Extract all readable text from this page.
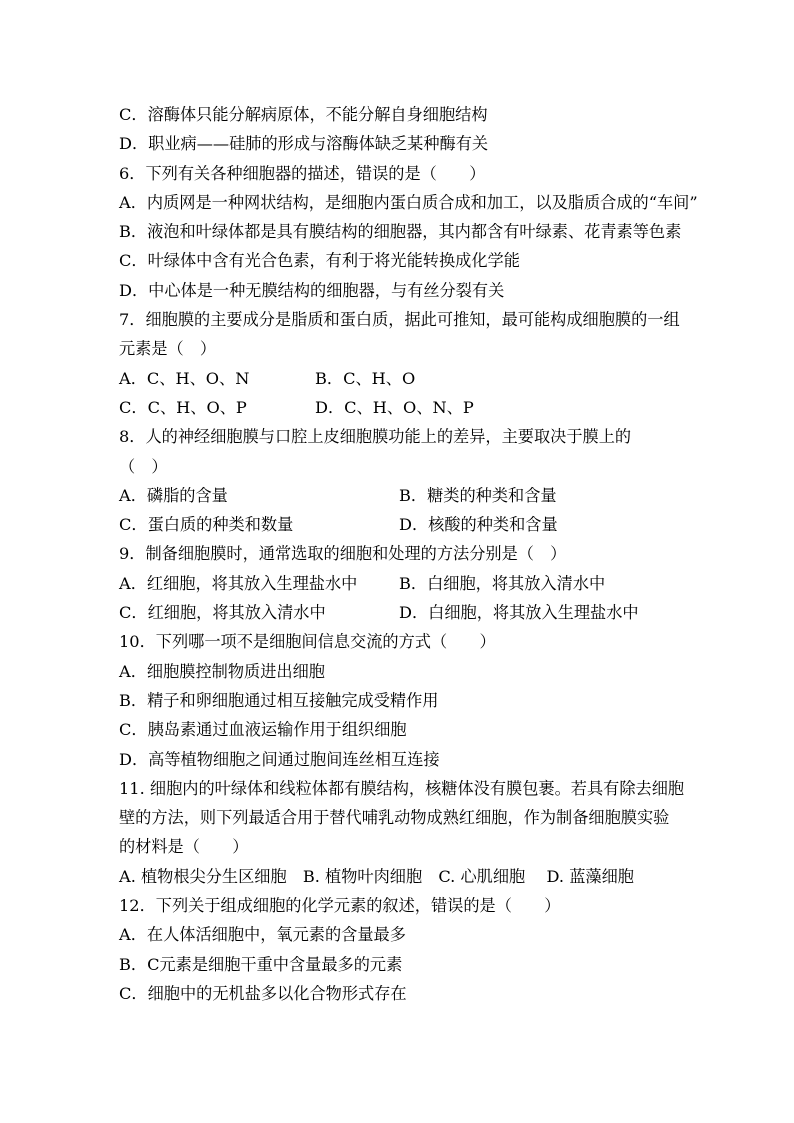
C．溶酶体只能分解病原体，不能分解自身细胞结构
D．职业病——硅肺的形成与溶酶体缺乏某种酶有关
6．下列有关各种细胞器的描述，错误的是（　　）
A．内质网是一种网状结构，是细胞内蛋白质合成和加工，以及脂质合成的“车间”
B．液泡和叶绿体都是具有膜结构的细胞器，其内都含有叶绿素、花青素等色素
C．叶绿体中含有光合色素，有利于将光能转换成化学能
D．中心体是一种无膜结构的细胞器，与有丝分裂有关
7．细胞膜的主要成分是脂质和蛋白质，据此可推知，最可能构成细胞膜的一组
元素是（　）
A．C、H、O、N	B．C、H、O
C．C、H、O、P	D．C、H、O、N、P
8．人的神经细胞膜与口腔上皮细胞膜功能上的差异，主要取决于膜上的
（　）
A．磷脂的含量	B．糖类的种类和含量
C．蛋白质的种类和数量	D．核酸的种类和含量
9．制备细胞膜时，通常选取的细胞和处理的方法分别是（　）
A．红细胞，将其放入生理盐水中	B．白细胞，将其放入清水中
C．红细胞，将其放入清水中	D．白细胞，将其放入生理盐水中
10．下列哪一项不是细胞间信息交流的方式（　　）
A．细胞膜控制物质进出细胞
B．精子和卵细胞通过相互接触完成受精作用
C．胰岛素通过血液运输作用于组织细胞
D．高等植物细胞之间通过胞间连丝相互连接
11. 细胞内的叶绿体和线粒体都有膜结构，核糖体没有膜包裹。若具有除去细胞
壁的方法，则下列最适合用于替代哺乳动物成熟红细胞，作为制备细胞膜实验
的材料是（　　）
A. 植物根尖分生区细胞　B. 植物叶肉细胞　C. 心肌细胞　 D. 蓝藻细胞
12．下列关于组成细胞的化学元素的叙述，错误的是（　　）
A．在人体活细胞中，氧元素的含量最多
B．C元素是细胞干重中含量最多的元素
C．细胞中的无机盐多以化合物形式存在
